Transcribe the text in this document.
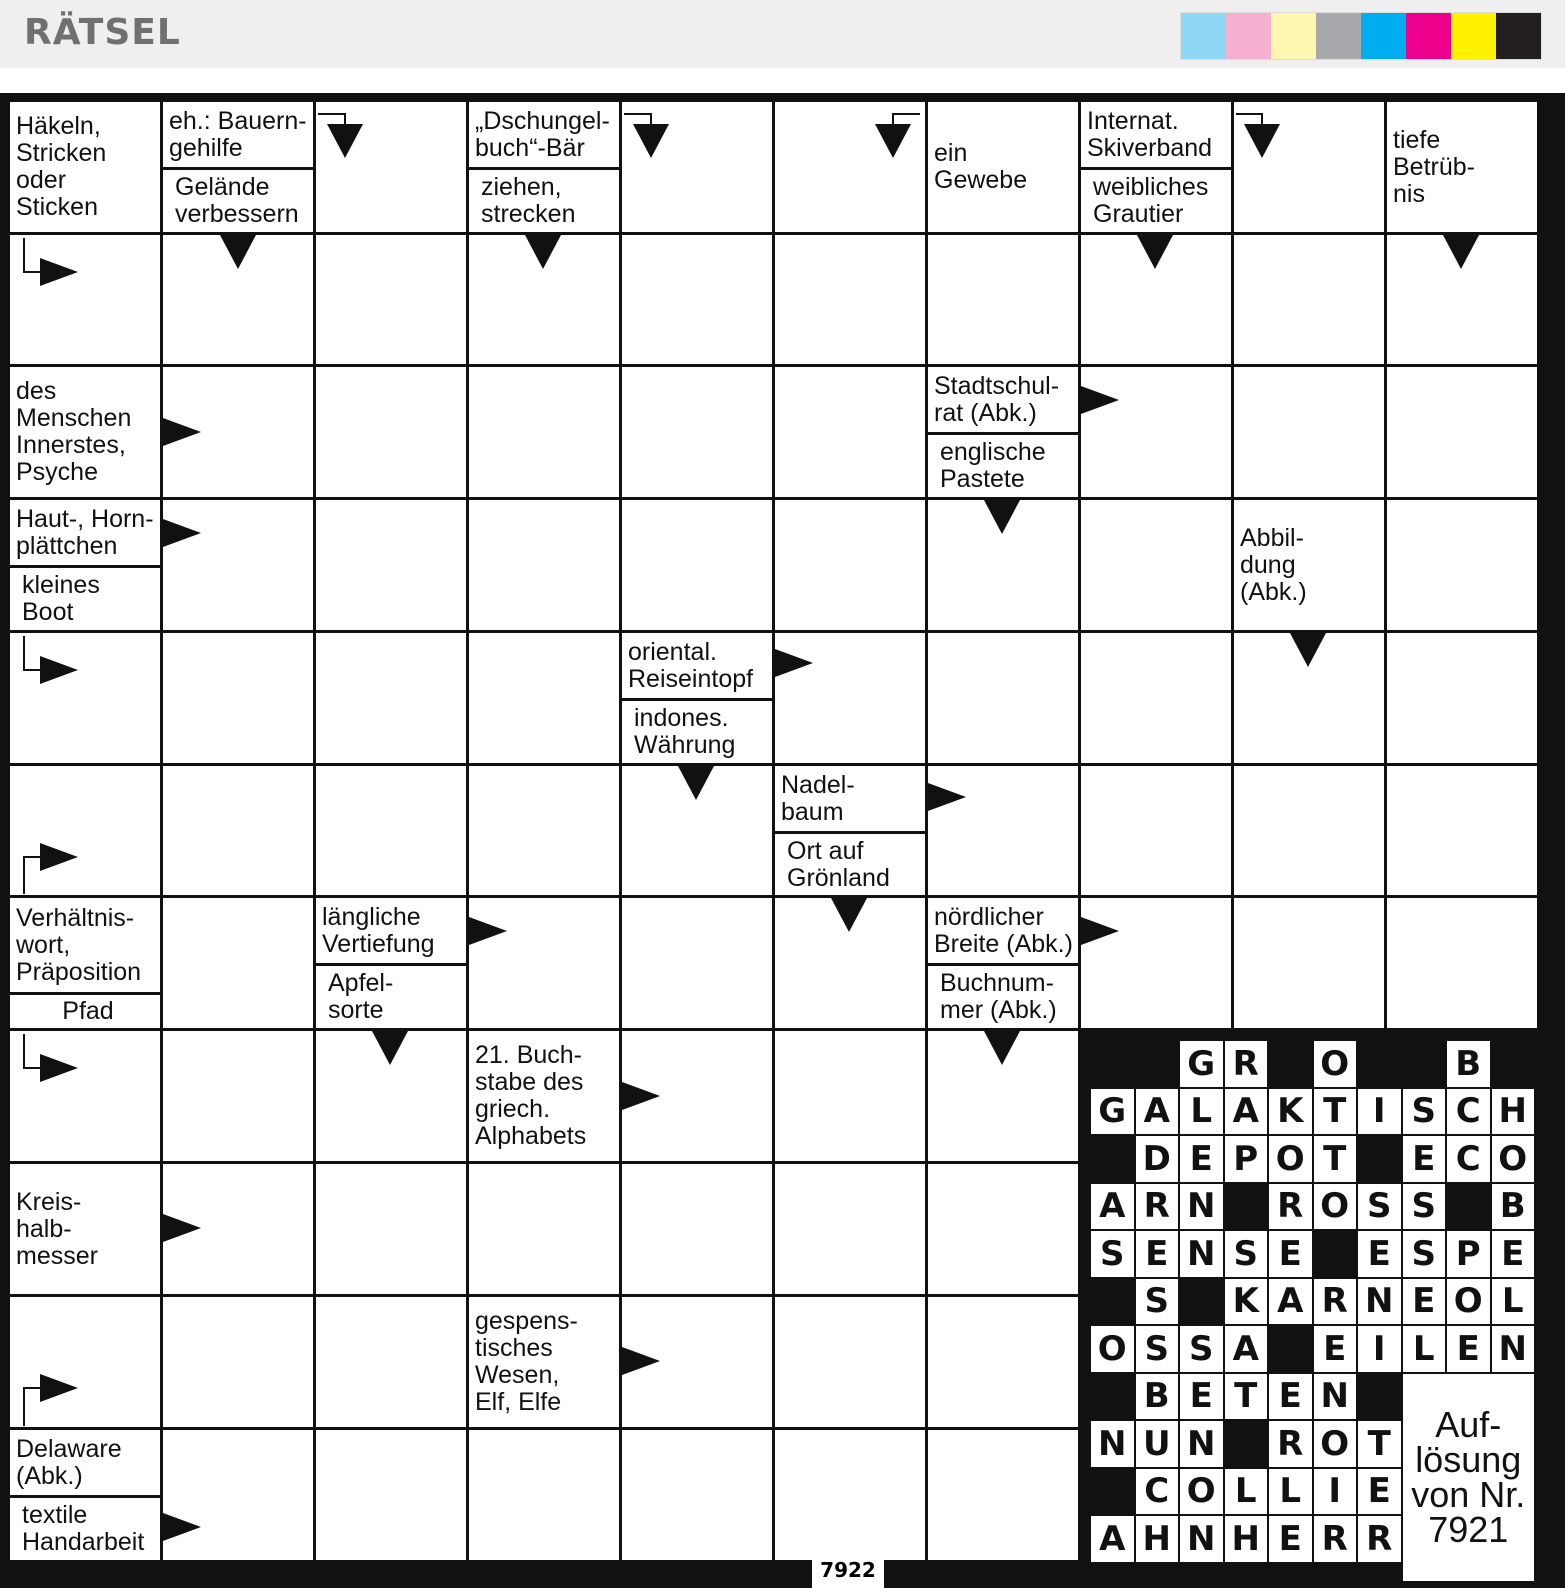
RÄTSEL
Häkeln,
Stricken
oder
Sticken
eh.: Bauern-
gehilfe
Gelände
verbessern
„Dschungel-
buch“-Bär
ziehen,
strecken
ein
Gewebe
Internat.
Skiverband
weibliches
Grautier
tiefe
Betrüb-
nis
des
Menschen
Innerstes,
Psyche
Stadtschul-
rat (Abk.)
englische
Pastete
Haut-, Horn-
plättchen
kleines
Boot
Abbil-
dung
(Abk.)
oriental.
Reiseintopf
indones.
Währung
Nadel-
baum
Ort auf
Grönland
Verhältnis-
wort,
Präposition
Pfad
längliche
Vertiefung
Apfel-
sorte
nördlicher
Breite (Abk.)
Buchnum-
mer (Abk.)
21. Buch-
stabe des
griech.
Alphabets
Kreis-
halb-
messer
gespens-
tisches
Wesen,
Elf, Elfe
Delaware
(Abk.)
textile
Handarbeit
G R O	B
G A L A K T I S C H
D E P O T E C O
A R N R O S S B
S E N S E E S P E
S K A R N E O L
O S S A E I L E N
B E T E N
N U N R O T
C O L L I E
A H N H E R R
Auf-
lösung
von Nr.
7921
7922
